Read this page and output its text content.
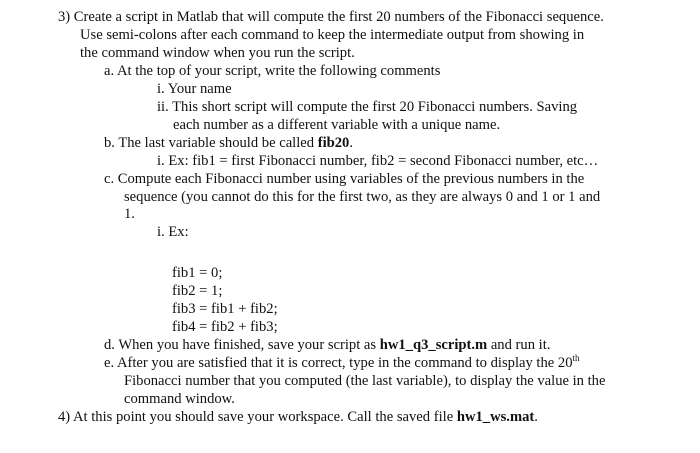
3) Create a script in Matlab that will compute the first 20 numbers of the Fibonacci sequence.
Use semi-colons after each command to keep the intermediate output from showing in
the command window when you run the script.
a. At the top of your script, write the following comments
i. Your name
ii. This short script will compute the first 20 Fibonacci numbers. Saving
each number as a different variable with a unique name.
b. The last variable should be called fib20.
i. Ex: fib1 = first Fibonacci number, fib2 = second Fibonacci number, etc…
c. Compute each Fibonacci number using variables of the previous numbers in the
sequence (you cannot do this for the first two, as they are always 0 and 1 or 1 and
1.
i. Ex:
fib1 = 0;
fib2 = 1;
fib3 = fib1 + fib2;
fib4 = fib2 + fib3;
d. When you have finished, save your script as hw1_q3_script.m and run it.
e. After you are satisfied that it is correct, type in the command to display the 20th
Fibonacci number that you computed (the last variable), to display the value in the
command window.
4) At this point you should save your workspace. Call the saved file hw1_ws.mat.
